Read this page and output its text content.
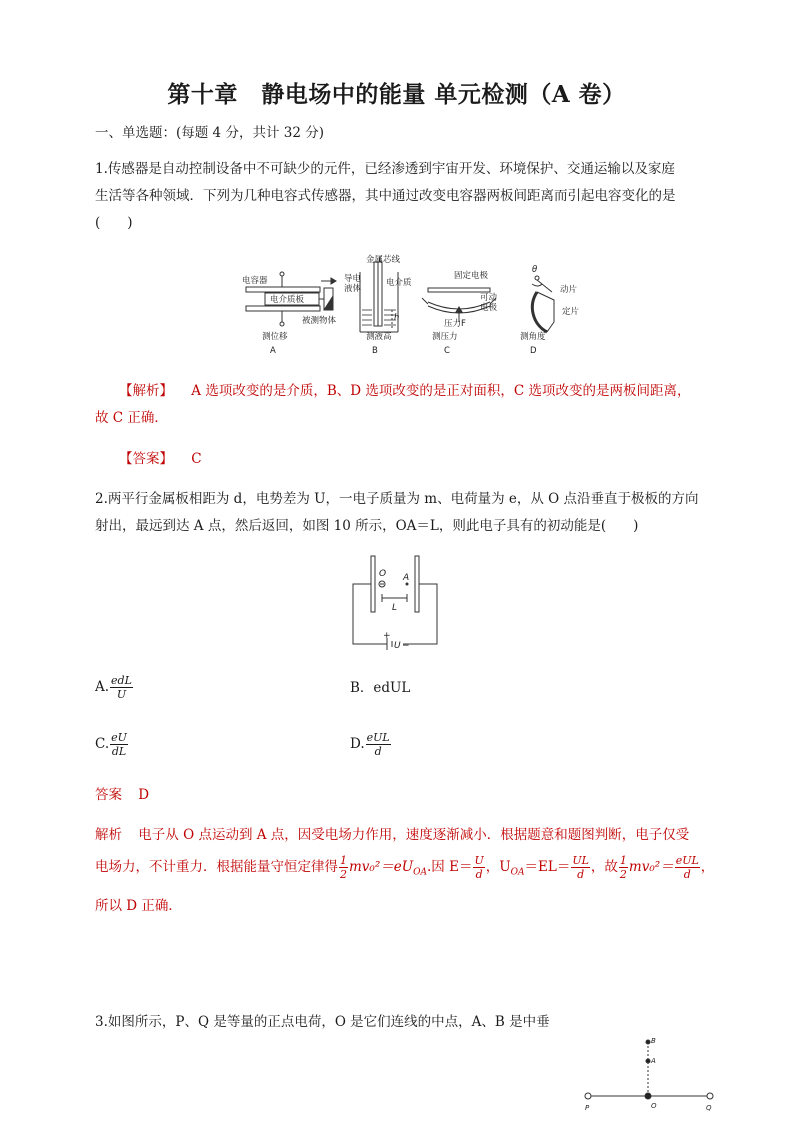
第十章　静电场中的能量 单元检测（A 卷）
一、单选题：(每题 4 分，共计 32 分)
1.传感器是自动控制设备中不可缺少的元件，已经渗透到宇宙开发、环境保护、交通运输以及家庭
生活等各种领域．下列为几种电容式传感器，其中通过改变电容器两板间距离而引起电容变化的是
(　　)
电容器
电介质板
被测物体
测位移
A
金属芯线
导电
液体
电介质
h
测液高
B
固定电极
可动
电极
压力F
测压力
C
θ
动片
定片
测角度
D
【解析】 A 选项改变的是介质，B、D 选项改变的是正对面积，C 选项改变的是两板间距离，
故 C 正确．
【答案】 C
2.两平行金属板相距为 d，电势差为 U，一电子质量为 m、电荷量为 e，从 O 点沿垂直于极板的方向
射出，最远到达 A 点，然后返回，如图 10 所示，OA＝L，则此电子具有的初动能是(　　)
O A
L
+
U −
A. $\frac{\text{edL}}{U}$	B．edUL
C. $\frac{eU}{dL}$	D. $\frac{\text{eUL}}{d}$
答案 D
解析 电子从 O 点运动到 A 点，因受电场力作用，速度逐渐减小．根据题意和题图判断，电子仅受
电场力，不计重力．根据能量守恒定律得 $\frac{1}{2} mv_0^2=eU_{OA}$.因 $E= \frac{U}{d}$ ，$U_{OA}=EL= \frac{UL}{d}$ ，故 $\frac{1}{2} mv_0^2= \frac{\text{eUL}}{d}$ ，
所以 D 正确．
3.如图所示，P、Q 是等量的正点电荷，O 是它们连线的中点，A、B 是中垂
B
A
P	O	Q
